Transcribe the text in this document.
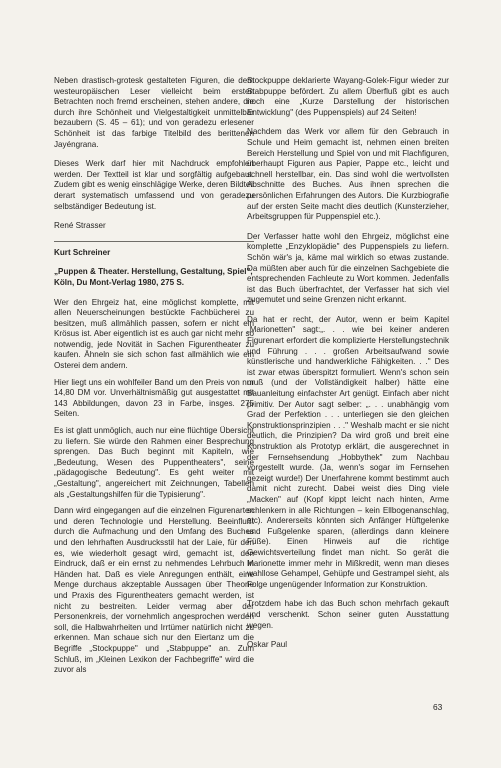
Neben drastisch-grotesk gestalteten Figuren, die dem westeuropäischen Leser vielleicht beim ersten Betrachten noch fremd erscheinen, stehen andere, die durch ihre Schönheit und Vielgestaltigkeit unmittelbar bezaubern (S. 45 – 61); und von geradezu erlesener Schönheit ist das farbige Titelbild des berittenen Jayéngrana.

Dieses Werk darf hier mit Nachdruck empfohlen werden. Der Textteil ist klar und sorgfältig aufgebaut. Zudem gibt es wenig einschlägige Werke, deren Bildteil derart systematisch umfassend und von geradezu selbständiger Bedeutung ist.

René Strasser

Kurt Schreiner

„Puppen & Theater. Herstellung, Gestaltung, Spiel", Köln, Du Mont-Verlag 1980, 275 S.

Wer den Ehrgeiz hat, eine möglichst komplette, mit allen Neuerscheinungen bestückte Fachbücherei zu besitzen, muß allmählich passen, sofern er nicht ein Krösus ist. Aber eigentlich ist es auch gar nicht mehr so notwendig, jede Novität in Sachen Figurentheater zu kaufen. Ähneln sie sich schon fast allmählich wie ein Osterei dem andern.

Hier liegt uns ein wohlfeiler Band um den Preis von nur 14,80 DM vor. Unverhältnismäßig gut ausgestattet mit 143 Abbildungen, davon 23 in Farbe, insges. 275 Seiten.

Es ist glatt unmöglich, auch nur eine flüchtige Übersicht zu liefern. Sie würde den Rahmen einer Besprechung sprengen. Das Buch beginnt mit Kapiteln, wie „Bedeutung, Wesen des Puppentheaters", seine „pädagogische Bedeutung". Es geht weiter mit „Gestaltung", angereichert mit Zeichnungen, Tabellen als „Gestaltungshilfen für die Typisierung".

Dann wird eingegangen auf die einzelnen Figurenarten und deren Technologie und Herstellung. Beeinflußt durch die Aufmachung und den Umfang des Buches und den lehrhaften Ausdrucksstil hat der Laie, für den es, wie wiederholt gesagt wird, gemacht ist, den Eindruck, daß er ein ernst zu nehmendes Lehrbuch in Händen hat. Daß es viele Anregungen enthält, eine Menge durchaus akzeptable Aussagen über Theorie und Praxis des Figurentheaters gemacht werden, ist nicht zu bestreiten. Leider vermag aber der Personenkreis, der vornehmlich angesprochen werden soll, die Halbwahrheiten und Irrtümer natürlich nicht zu erkennen. Man schaue sich nur den Eiertanz um die Begriffe „Stockpuppe" und „Stabpuppe" an. Zum Schluß, im „Kleinen Lexikon der Fachbegriffe" wird die zuvor als

Stockpuppe deklarierte Wayang-Golek-Figur wieder zur Stabpuppe befördert. Zu allem Überfluß gibt es auch noch eine „Kurze Darstellung der historischen Entwicklung" (des Puppenspiels) auf 24 Seiten!

Nachdem das Werk vor allem für den Gebrauch in Schule und Heim gemacht ist, nehmen einen breiten Bereich Herstellung und Spiel von und mit Flachfiguren, überhaupt Figuren aus Papier, Pappe etc., leicht und schnell herstellbar, ein. Das sind wohl die wertvollsten Abschnitte des Buches. Aus ihnen sprechen die persönlichen Erfahrungen des Autors. Die Kurzbiografie auf der ersten Seite macht dies deutlich (Kunsterzieher, Arbeitsgruppen für Puppenspiel etc.).

Der Verfasser hatte wohl den Ehrgeiz, möglichst eine komplette „Enzyklopädie" des Puppenspiels zu liefern. Schön wär's ja, käme mal wirklich so etwas zustande. Da müßten aber auch für die einzelnen Sachgebiete die entsprechenden Fachleute zu Wort kommen. Jedenfalls ist das Buch überfrachtet, der Verfasser hat sich viel zugemutet und seine Grenzen nicht erkannt.

Da hat er recht, der Autor, wenn er beim Kapitel „Marionetten" sagt:„. . . wie bei keiner anderen Figurenart erfordert die komplizierte Herstellungstechnik und Führung . . . großen Arbeitsaufwand sowie künstlerische und handwerkliche Fähigkeiten. . ." Des ist zwar etwas überspitzt formuliert. Wenn's schon sein muß (und der Vollständigkeit halber) hätte eine Bauanleitung einfachster Art genügt. Einfach aber nicht primitiv. Der Autor sagt selber: „. . . unabhängig vom Grad der Perfektion . . . unterliegen sie den gleichen Konstruktionsprinzipien . . ." Weshalb macht er sie nicht deutlich, die Prinzipien? Da wird groß und breit eine Konstruktion als Prototyp erklärt, die ausgerechnet in der Fernsehsendung „Hobbythek" zum Nachbau vorgestellt wurde. (Ja, wenn's sogar im Fernsehen gezeigt wurde!) Der Unerfahrene kommt bestimmt auch damit nicht zurecht. Dabei weist dies Ding viele „Macken" auf (Kopf kippt leicht nach hinten, Arme schlenkern in alle Richtungen – kein Ellbogenanschlag, etc). Andererseits könnten sich Anfänger Hüftgelenke und Fußgelenke sparen, (allerdings dann kleinere Füße). Einen Hinweis auf die richtige Gewichtsverteilung findet man nicht. So gerät die Marionette immer mehr in Mißkredit, wenn man dieses wahllose Gehampel, Gehüpfe und Gestrampel sieht, als Folge ungenügender Information zur Konstruktion.

Trotzdem habe ich das Buch schon mehrfach gekauft und verschenkt. Schon seiner guten Ausstattung wegen.

Oskar Paul

63
